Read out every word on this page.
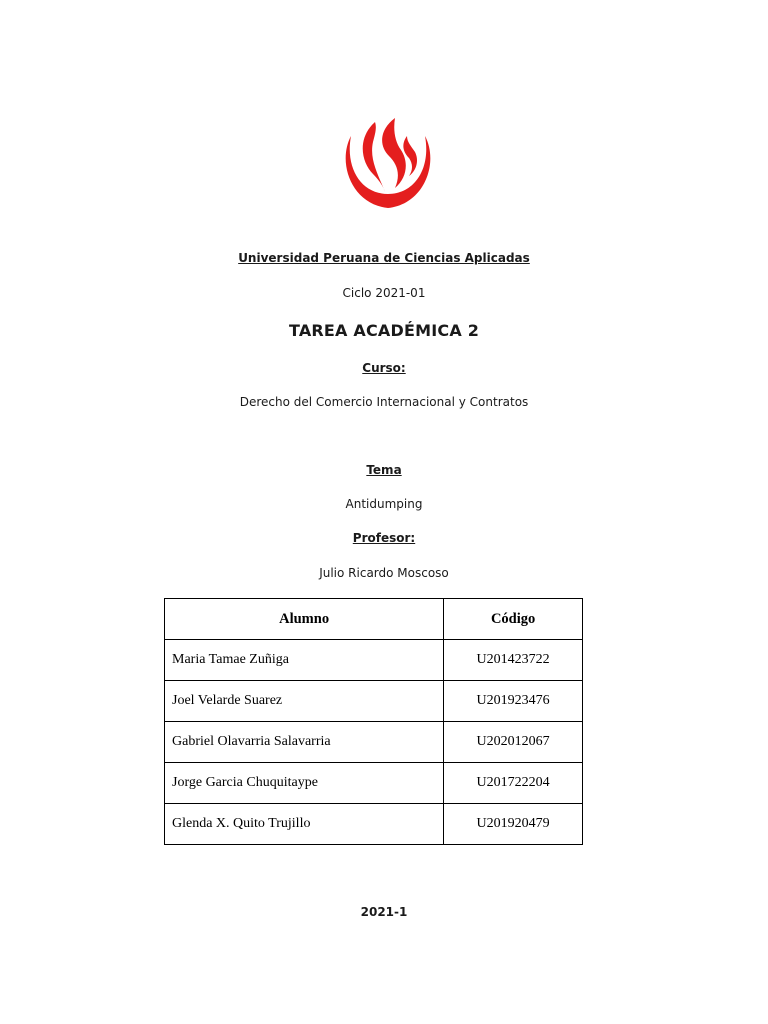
Universidad Peruana de Ciencias Aplicadas
Ciclo 2021-01
TAREA ACADÉMICA 2
Curso:
Derecho del Comercio Internacional y Contratos
Tema
Antidumping
Profesor:
Julio Ricardo Moscoso
Alumno	Código
Maria Tamae Zuñiga	U201423722
Joel Velarde Suarez	U201923476
Gabriel Olavarria Salavarria	U202012067
Jorge Garcia Chuquitaype	U201722204
Glenda X. Quito Trujillo	U201920479
2021-1
